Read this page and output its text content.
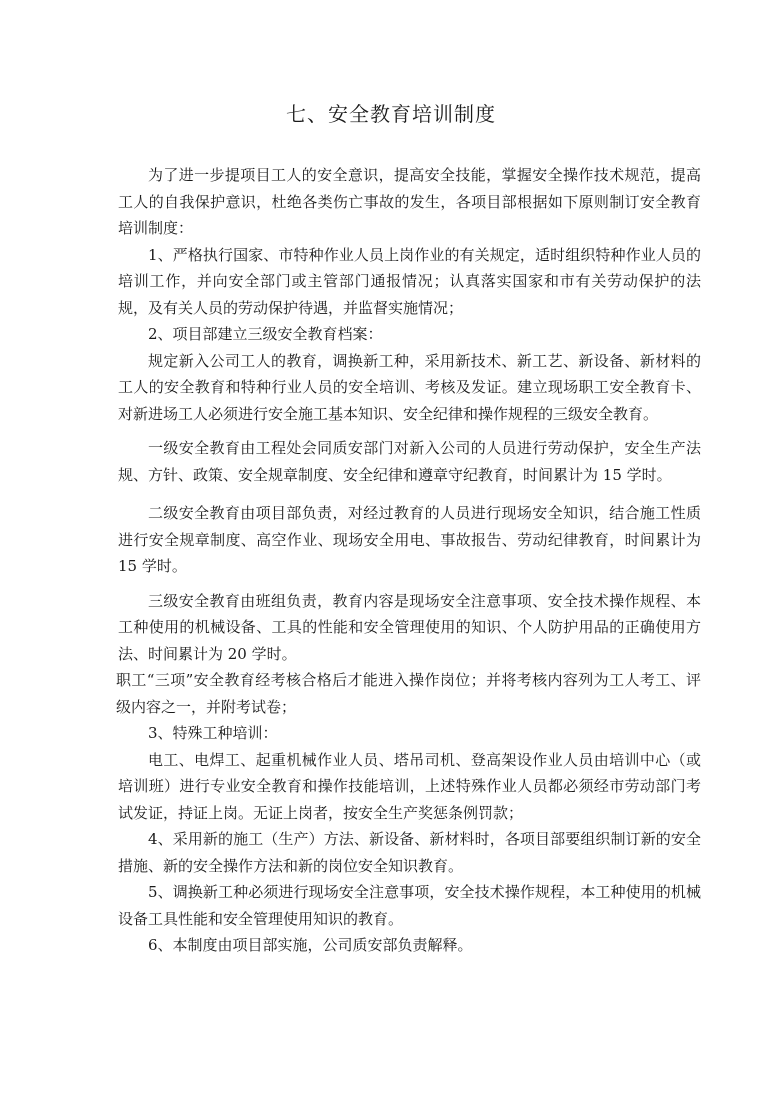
七、安全教育培训制度

为了进一步提项目工人的安全意识，提高安全技能，掌握安全操作技术规范，提高工人的自我保护意识，杜绝各类伤亡事故的发生，各项目部根据如下原则制订安全教育培训制度：

1、严格执行国家、市特种作业人员上岗作业的有关规定，适时组织特种作业人员的培训工作，并向安全部门或主管部门通报情况；认真落实国家和市有关劳动保护的法规，及有关人员的劳动保护待遇，并监督实施情况；

2、项目部建立三级安全教育档案：

规定新入公司工人的教育，调换新工种，采用新技术、新工艺、新设备、新材料的工人的安全教育和特种行业人员的安全培训、考核及发证。建立现场职工安全教育卡、对新进场工人必须进行安全施工基本知识、安全纪律和操作规程的三级安全教育。

一级安全教育由工程处会同质安部门对新入公司的人员进行劳动保护，安全生产法规、方针、政策、安全规章制度、安全纪律和遵章守纪教育，时间累计为 15 学时。

二级安全教育由项目部负责，对经过教育的人员进行现场安全知识，结合施工性质进行安全规章制度、高空作业、现场安全用电、事故报告、劳动纪律教育，时间累计为 15 学时。

三级安全教育由班组负责，教育内容是现场安全注意事项、安全技术操作规程、本工种使用的机械设备、工具的性能和安全管理使用的知识、个人防护用品的正确使用方法、时间累计为 20 学时。

职工“三项”安全教育经考核合格后才能进入操作岗位；并将考核内容列为工人考工、评级内容之一，并附考试卷；

3、特殊工种培训：

电工、电焊工、起重机械作业人员、塔吊司机、登高架设作业人员由培训中心（或培训班）进行专业安全教育和操作技能培训，上述特殊作业人员都必须经市劳动部门考试发证，持证上岗。无证上岗者，按安全生产奖惩条例罚款；

4、采用新的施工（生产）方法、新设备、新材料时，各项目部要组织制订新的安全措施、新的安全操作方法和新的岗位安全知识教育。

5、调换新工种必须进行现场安全注意事项，安全技术操作规程，本工种使用的机械设备工具性能和安全管理使用知识的教育。

6、本制度由项目部实施，公司质安部负责解释。
